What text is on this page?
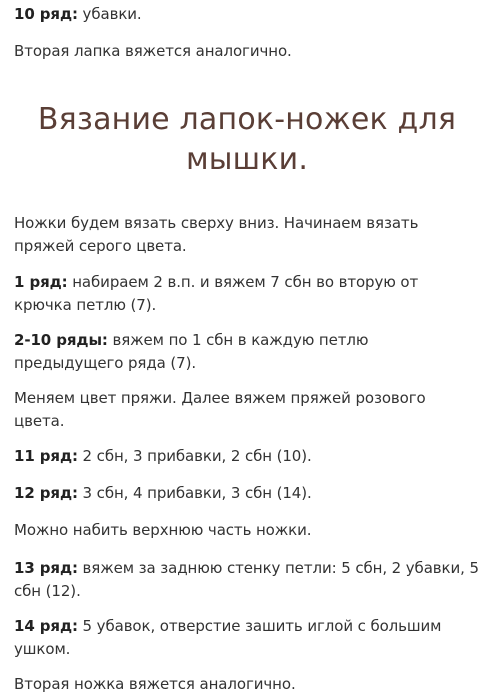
10 ряд: убавки.

Вторая лапка вяжется аналогично.

Вязание лапок-ножек для мышки.

Ножки будем вязать сверху вниз. Начинаем вязать пряжей серого цвета.

1 ряд: набираем 2 в.п. и вяжем 7 сбн во вторую от крючка петлю (7).

2-10 ряды: вяжем по 1 сбн в каждую петлю предыдущего ряда (7).

Меняем цвет пряжи. Далее вяжем пряжей розового цвета.

11 ряд: 2 сбн, 3 прибавки, 2 сбн (10).

12 ряд: 3 сбн, 4 прибавки, 3 сбн (14).

Можно набить верхнюю часть ножки.

13 ряд: вяжем за заднюю стенку петли: 5 сбн, 2 убавки, 5 сбн (12).

14 ряд: 5 убавок, отверстие зашить иглой с большим ушком.

Вторая ножка вяжется аналогично.
